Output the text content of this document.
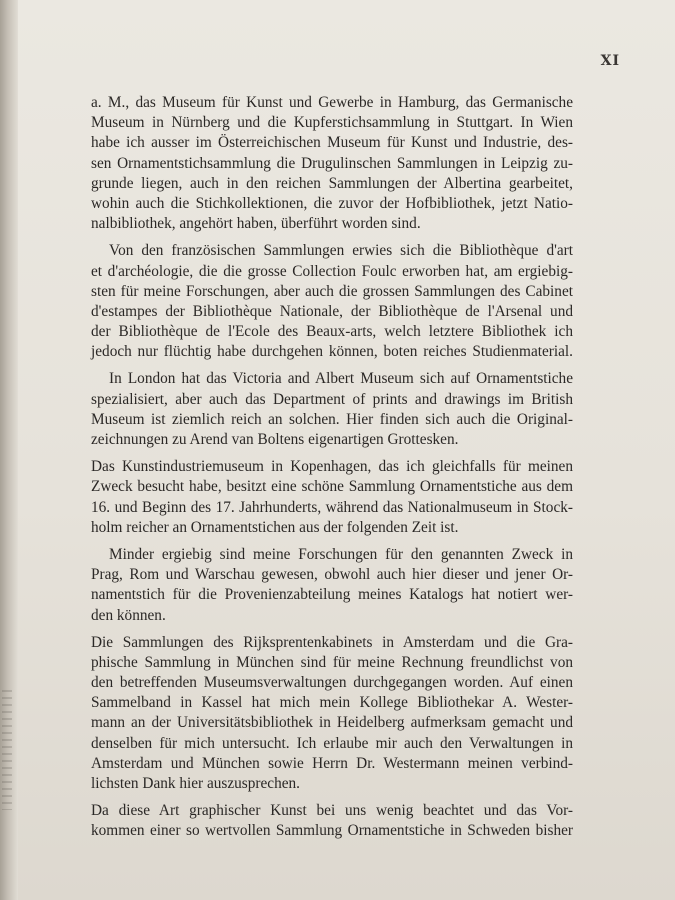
XI
a. M., das Museum für Kunst und Gewerbe in Hamburg, das Germanische
Museum in Nürnberg und die Kupferstichsammlung in Stuttgart. In Wien
habe ich ausser im Österreichischen Museum für Kunst und Industrie, des-
sen Ornamentstichsammlung die Drugulinschen Sammlungen in Leipzig zu-
grunde liegen, auch in den reichen Sammlungen der Albertina gearbeitet,
wohin auch die Stichkollektionen, die zuvor der Hofbibliothek, jetzt Natio-
nalbibliothek, angehört haben, überführt worden sind.
Von den französischen Sammlungen erwies sich die Bibliothèque d'art
et d'archéologie, die die grosse Collection Foulc erworben hat, am ergiebig-
sten für meine Forschungen, aber auch die grossen Sammlungen des Cabinet
d'estampes der Bibliothèque Nationale, der Bibliothèque de l'Arsenal und
der Bibliothèque de l'Ecole des Beaux-arts, welch letztere Bibliothek ich
jedoch nur flüchtig habe durchgehen können, boten reiches Studienmaterial.
In London hat das Victoria and Albert Museum sich auf Ornamentstiche
spezialisiert, aber auch das Department of prints and drawings im British
Museum ist ziemlich reich an solchen. Hier finden sich auch die Original-
zeichnungen zu Arend van Boltens eigenartigen Grottesken.
Das Kunstindustriemuseum in Kopenhagen, das ich gleichfalls für meinen
Zweck besucht habe, besitzt eine schöne Sammlung Ornamentstiche aus dem
16. und Beginn des 17. Jahrhunderts, während das Nationalmuseum in Stock-
holm reicher an Ornamentstichen aus der folgenden Zeit ist.
Minder ergiebig sind meine Forschungen für den genannten Zweck in
Prag, Rom und Warschau gewesen, obwohl auch hier dieser und jener Or-
namentstich für die Provenienzabteilung meines Katalogs hat notiert wer-
den können.
Die Sammlungen des Rijksprentenkabinets in Amsterdam und die Gra-
phische Sammlung in München sind für meine Rechnung freundlichst von
den betreffenden Museumsverwaltungen durchgegangen worden. Auf einen
Sammelband in Kassel hat mich mein Kollege Bibliothekar A. Wester-
mann an der Universitätsbibliothek in Heidelberg aufmerksam gemacht und
denselben für mich untersucht. Ich erlaube mir auch den Verwaltungen in
Amsterdam und München sowie Herrn Dr. Westermann meinen verbind-
lichsten Dank hier auszusprechen.
Da diese Art graphischer Kunst bei uns wenig beachtet und das Vor-
kommen einer so wertvollen Sammlung Ornamentstiche in Schweden bisher
